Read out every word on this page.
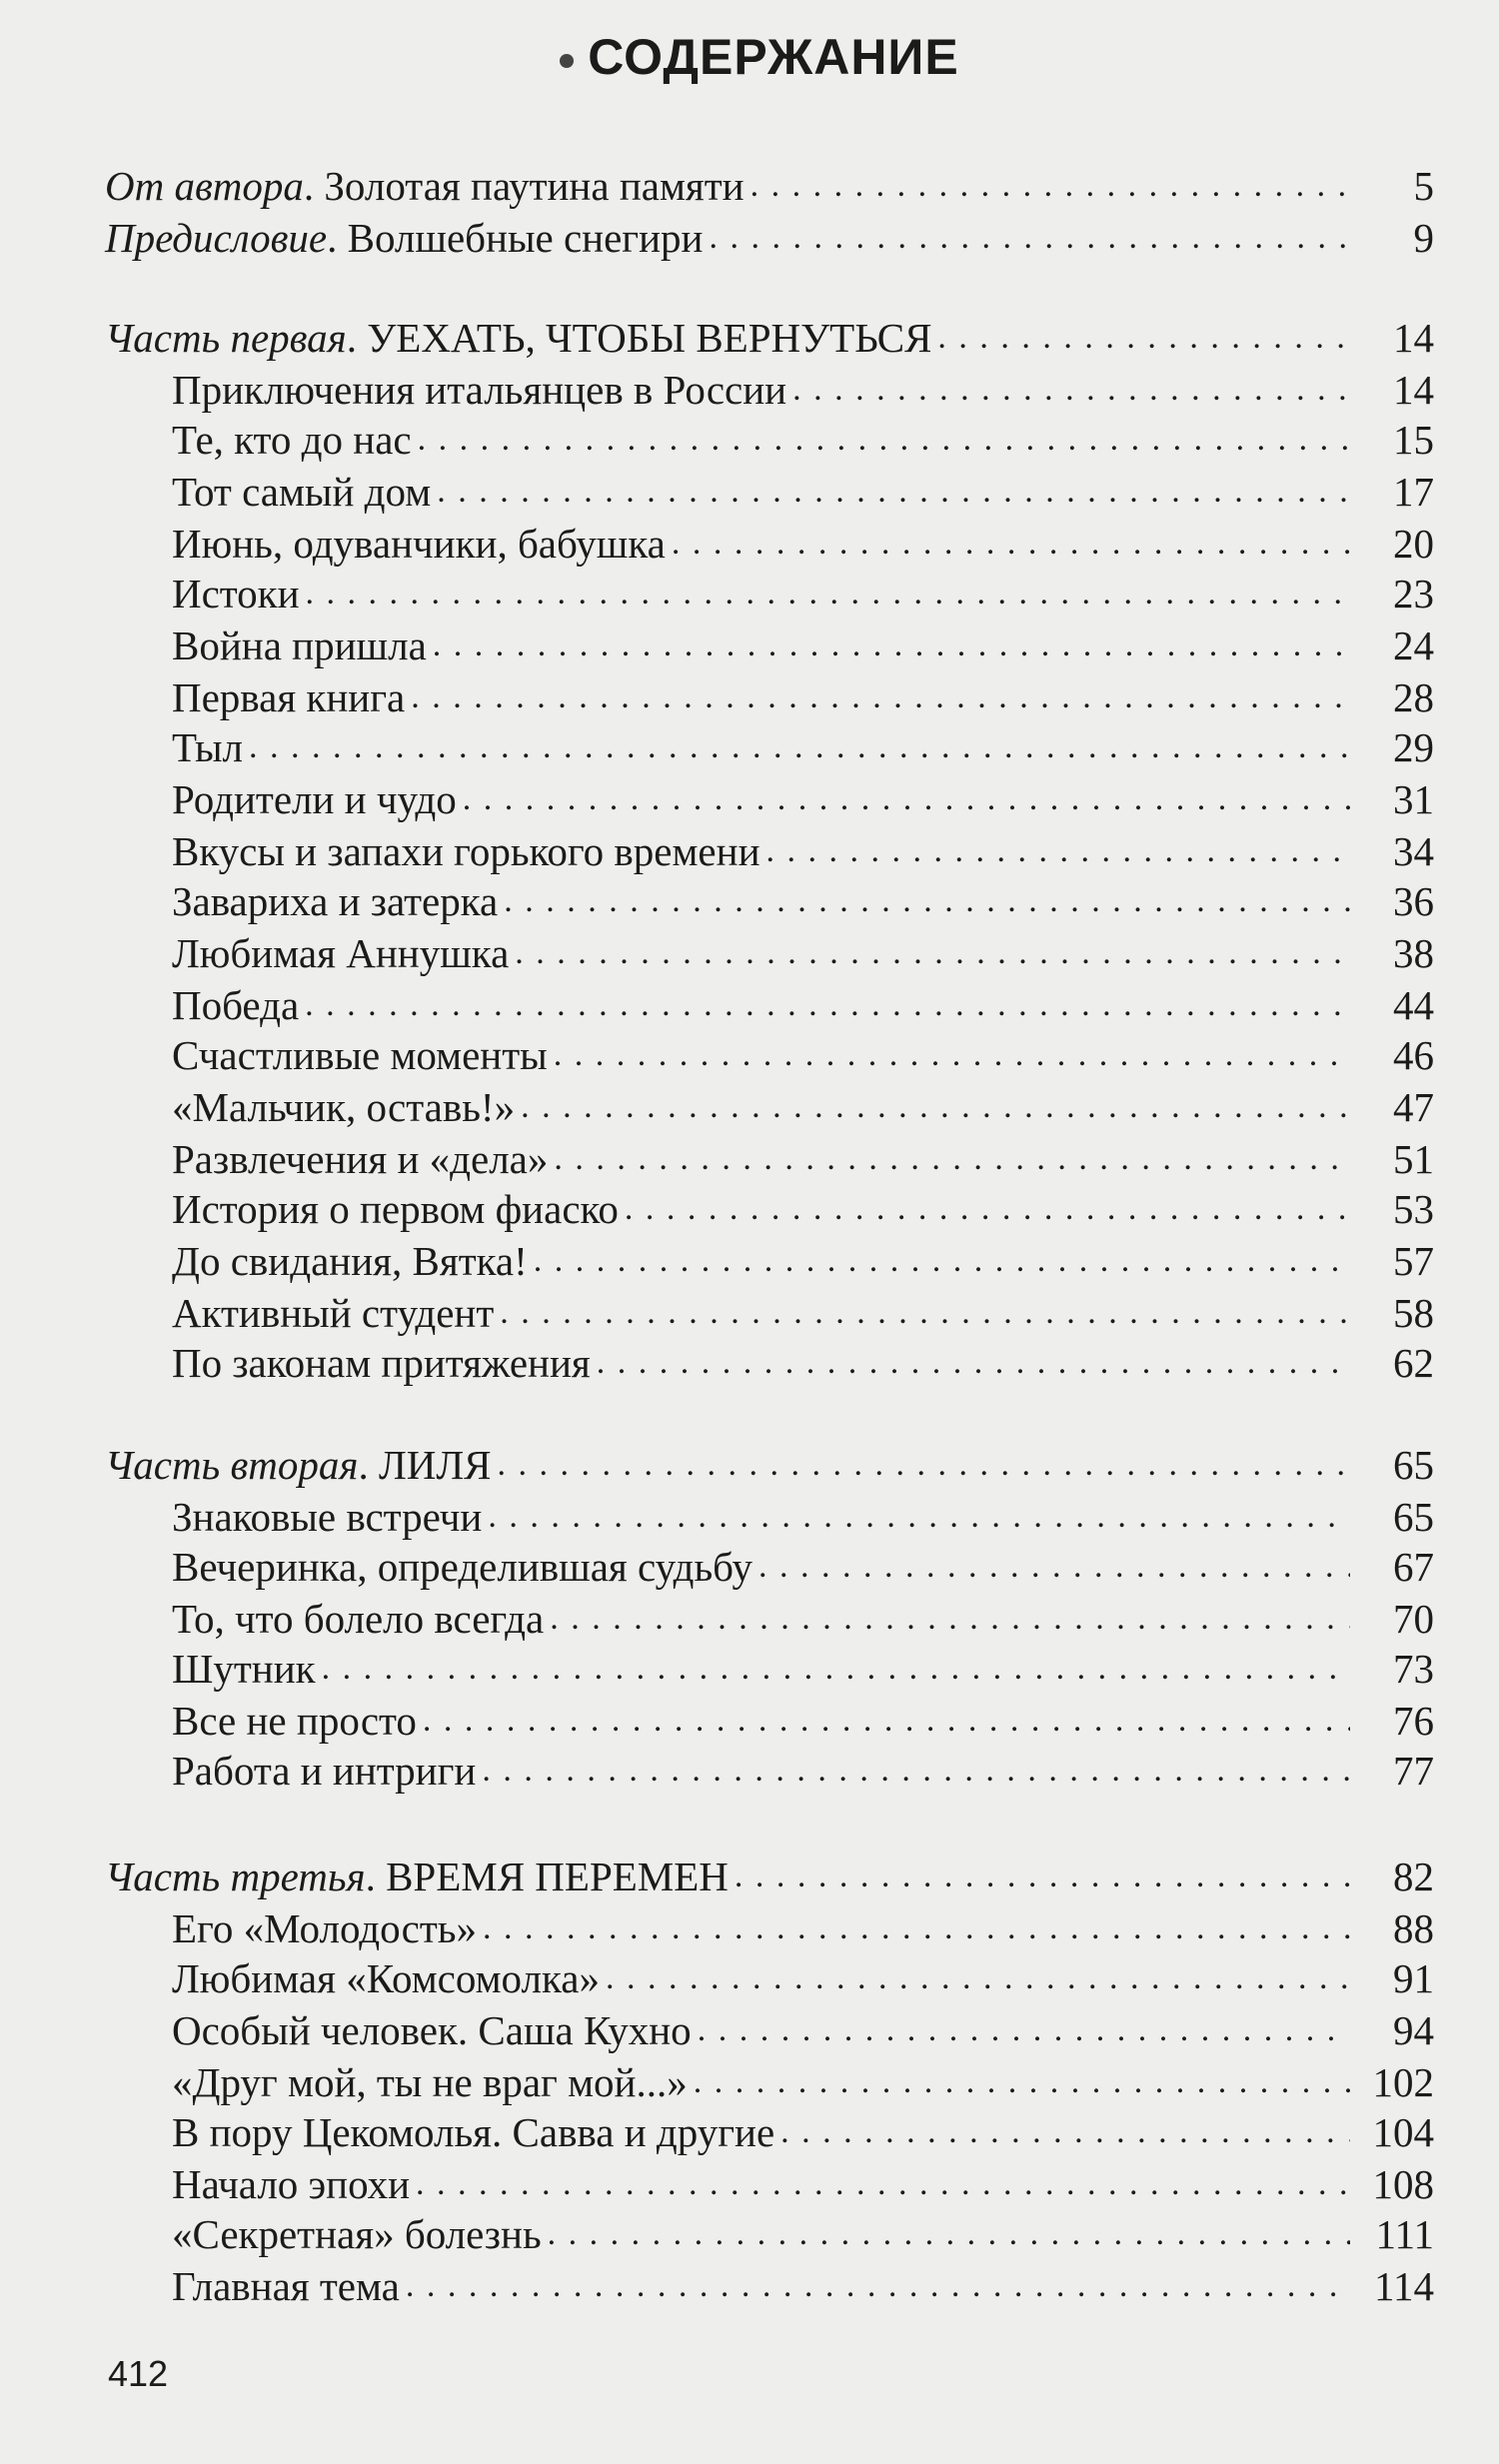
СОДЕРЖАНИЕ
От автора . Золотая паутина памяти . . .	5
Предисловие . Волшебные снегири . . .	9
Часть первая . УЕХАТЬ, ЧТОБЫ ВЕРНУТЬСЯ . . .	14
Приключения итальянцев в России . . .	14
Те, кто до нас . . .	15
Тот самый дом . . .	17
Июнь, одуванчики, бабушка . . .	20
Истоки . . .	23
Война пришла . . .	24
Первая книга . . .	28
Тыл . . .	29
Родители и чудо . . .	31
Вкусы и запахи горького времени . . .	34
Завариха и затерка . . .	36
Любимая Аннушка . . .	38
Победа . . .	44
Счастливые моменты . . .	46
«Мальчик, оставь!» . . .	47
Развлечения и «дела» . . .	51
История о первом фиаско . . .	53
До свидания, Вятка! . . .	57
Активный студент . . .	58
По законам притяжения . . .	62
Часть вторая . ЛИЛЯ . . .	65
Знаковые встречи . . .	65
Вечеринка, определившая судьбу . . .	67
То, что болело всегда . . .	70
Шутник . . .	73
Все не просто . . .	76
Работа и интриги . . .	77
Часть третья . ВРЕМЯ ПЕРЕМЕН . . .	82
Его «Молодость» . . .	88
Любимая «Комсомолка» . . .	91
Особый человек. Саша Кухно . . .	94
«Друг мой, ты не враг мой...» . . .	102
В пору Цекомолья. Савва и другие . . .	104
Начало эпохи . . .	108
«Секретная» болезнь . . .	111
Главная тема . . .	114
412
